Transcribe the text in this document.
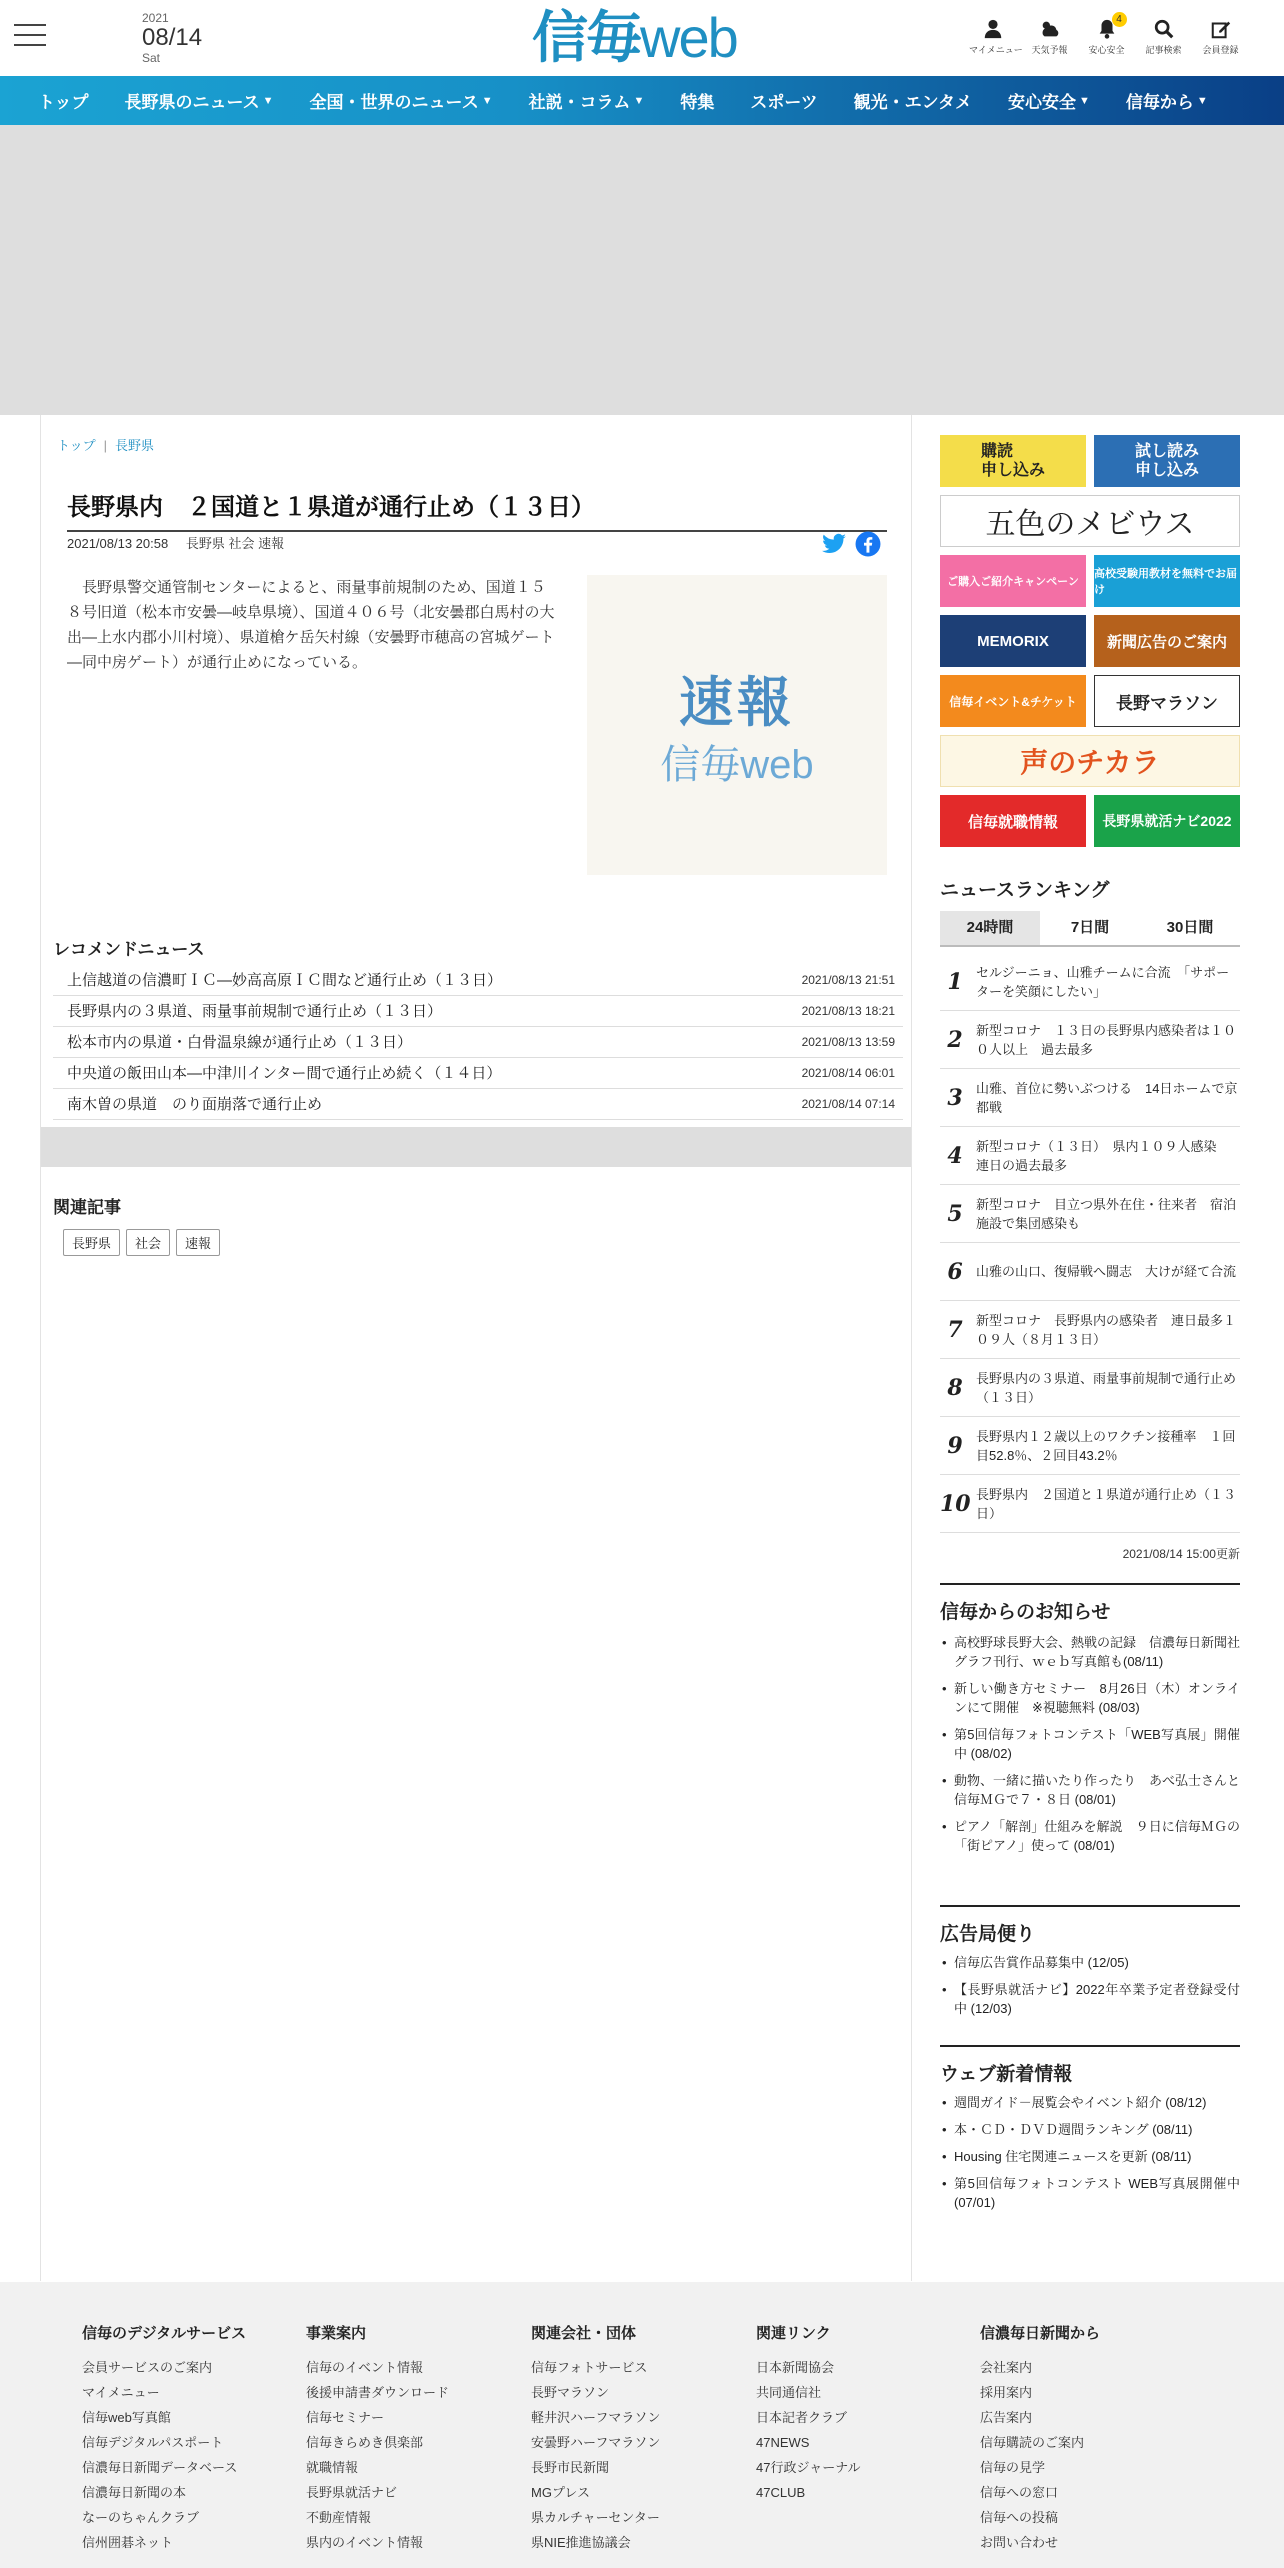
2021
08/14
Sat	信毎web	マイメニュー 天気予報
4
安心安全	記事検索	会員登録
トップ 長野県のニュース ▼ 全国・世界のニュース ▼ 社説・コラム ▼ 特集 スポーツ 観光・エンタメ 安心安全 ▼ 信毎から ▼
トップ | 長野県
長野県内　２国道と１県道が通行止め（１３日）
2021/08/13 20:58 長野県 社会 速報

長野県警交通管制センターによると、雨量事前規制のため、国道１５８号旧道（松本市安曇―岐阜県境）、国道４０６号（北安曇郡白馬村の大出―上水内郡小川村境）、県道槍ケ岳矢村線（安曇野市穂高の宮城ゲート―同中房ゲート）が通行止めになっている。

速報
信毎web
レコメンドニュース
上信越道の信濃町ＩＣ―妙高高原ＩＣ間など通行止め（１３日）	2021/08/13 21:51
長野県内の３県道、雨量事前規制で通行止め（１３日）	2021/08/13 18:21
松本市内の県道・白骨温泉線が通行止め（１３日）	2021/08/13 13:59
中央道の飯田山本―中津川インター間で通行止め続く（１４日）	2021/08/14 06:01
南木曽の県道　のり面崩落で通行止め	2021/08/14 07:14
関連記事
長野県	社会	速報
購読
申し込み
試し読み
申し込み
五色のメビウス
ご購入ご紹介キャンペーン
高校受験用教材を無料でお届け
MEMORIX	新聞広告のご案内
信毎イベント&チケット	長野マラソン
声のチカラ
信毎就職情報	長野県就活ナビ2022
ニュースランキング
24時間	7日間	30日間
1	セルジーニョ、山雅チームに合流　「サポーターを笑顔にしたい」
2	新型コロナ　１３日の長野県内感染者は１００人以上　過去最多
3	山雅、首位に勢いぶつける　14日ホームで京都戦
4	新型コロナ（１３日）　県内１０９人感染　連日の過去最多
5	新型コロナ　目立つ県外在住・往来者　宿泊施設で集団感染も
6	山雅の山口、復帰戦へ闘志　大けが経て合流
7	新型コロナ　長野県内の感染者　連日最多１０９人（８月１３日）
8	長野県内の３県道、雨量事前規制で通行止め（１３日）
9	長野県内１２歳以上のワクチン接種率　１回目52.8％、２回目43.2％
10 長野県内　２国道と１県道が通行止め（１３日）
2021/08/14 15:00更新
信毎からのお知らせ
• 高校野球長野大会、熱戦の記録　信濃毎日新聞社グラフ刊行、ｗｅｂ写真館も(08/11)
• 新しい働き方セミナー　8月26日（木）オンラインにて開催　※視聴無料 (08/03)
• 第5回信毎フォトコンテスト「WEB写真展」開催中 (08/02)
• 動物、一緒に描いたり作ったり　あべ弘士さんと信毎ＭＧで７・８日 (08/01)
• ピアノ「解剖」仕組みを解説　９日に信毎ＭＧの「街ピアノ」使って (08/01)
広告局便り
• 信毎広告賞作品募集中 (12/05)
• 【長野県就活ナビ】2022年卒業予定者登録受付中 (12/03)
ウェブ新着情報
• 週間ガイド－展覧会やイベント紹介 (08/12)
• 本・ＣＤ・ＤＶＤ週間ランキング (08/11)
• Housing 住宅関連ニュースを更新 (08/11)
• 第5回信毎フォトコンテスト WEB写真展開催中 (07/01)
信毎のデジタルサービス
会員サービスのご案内
マイメニュー
信毎web写真館
信毎デジタルパスポート
信濃毎日新聞データベース
信濃毎日新聞の本
なーのちゃんクラブ
信州囲碁ネット
事業案内
信毎のイベント情報
後援申請書ダウンロード
信毎セミナー
信毎きらめき倶楽部
就職情報
長野県就活ナビ
不動産情報
県内のイベント情報
関連会社・団体
信毎フォトサービス
長野マラソン
軽井沢ハーフマラソン
安曇野ハーフマラソン
長野市民新聞
MGプレス
県カルチャーセンター
県NIE推進協議会
関連リンク
日本新聞協会
共同通信社
日本記者クラブ
47NEWS
47行政ジャーナル
47CLUB
信濃毎日新聞から
会社案内
採用案内
広告案内
信毎購読のご案内
信毎の見学
信毎への窓口
信毎への投稿
お問い合わせ
